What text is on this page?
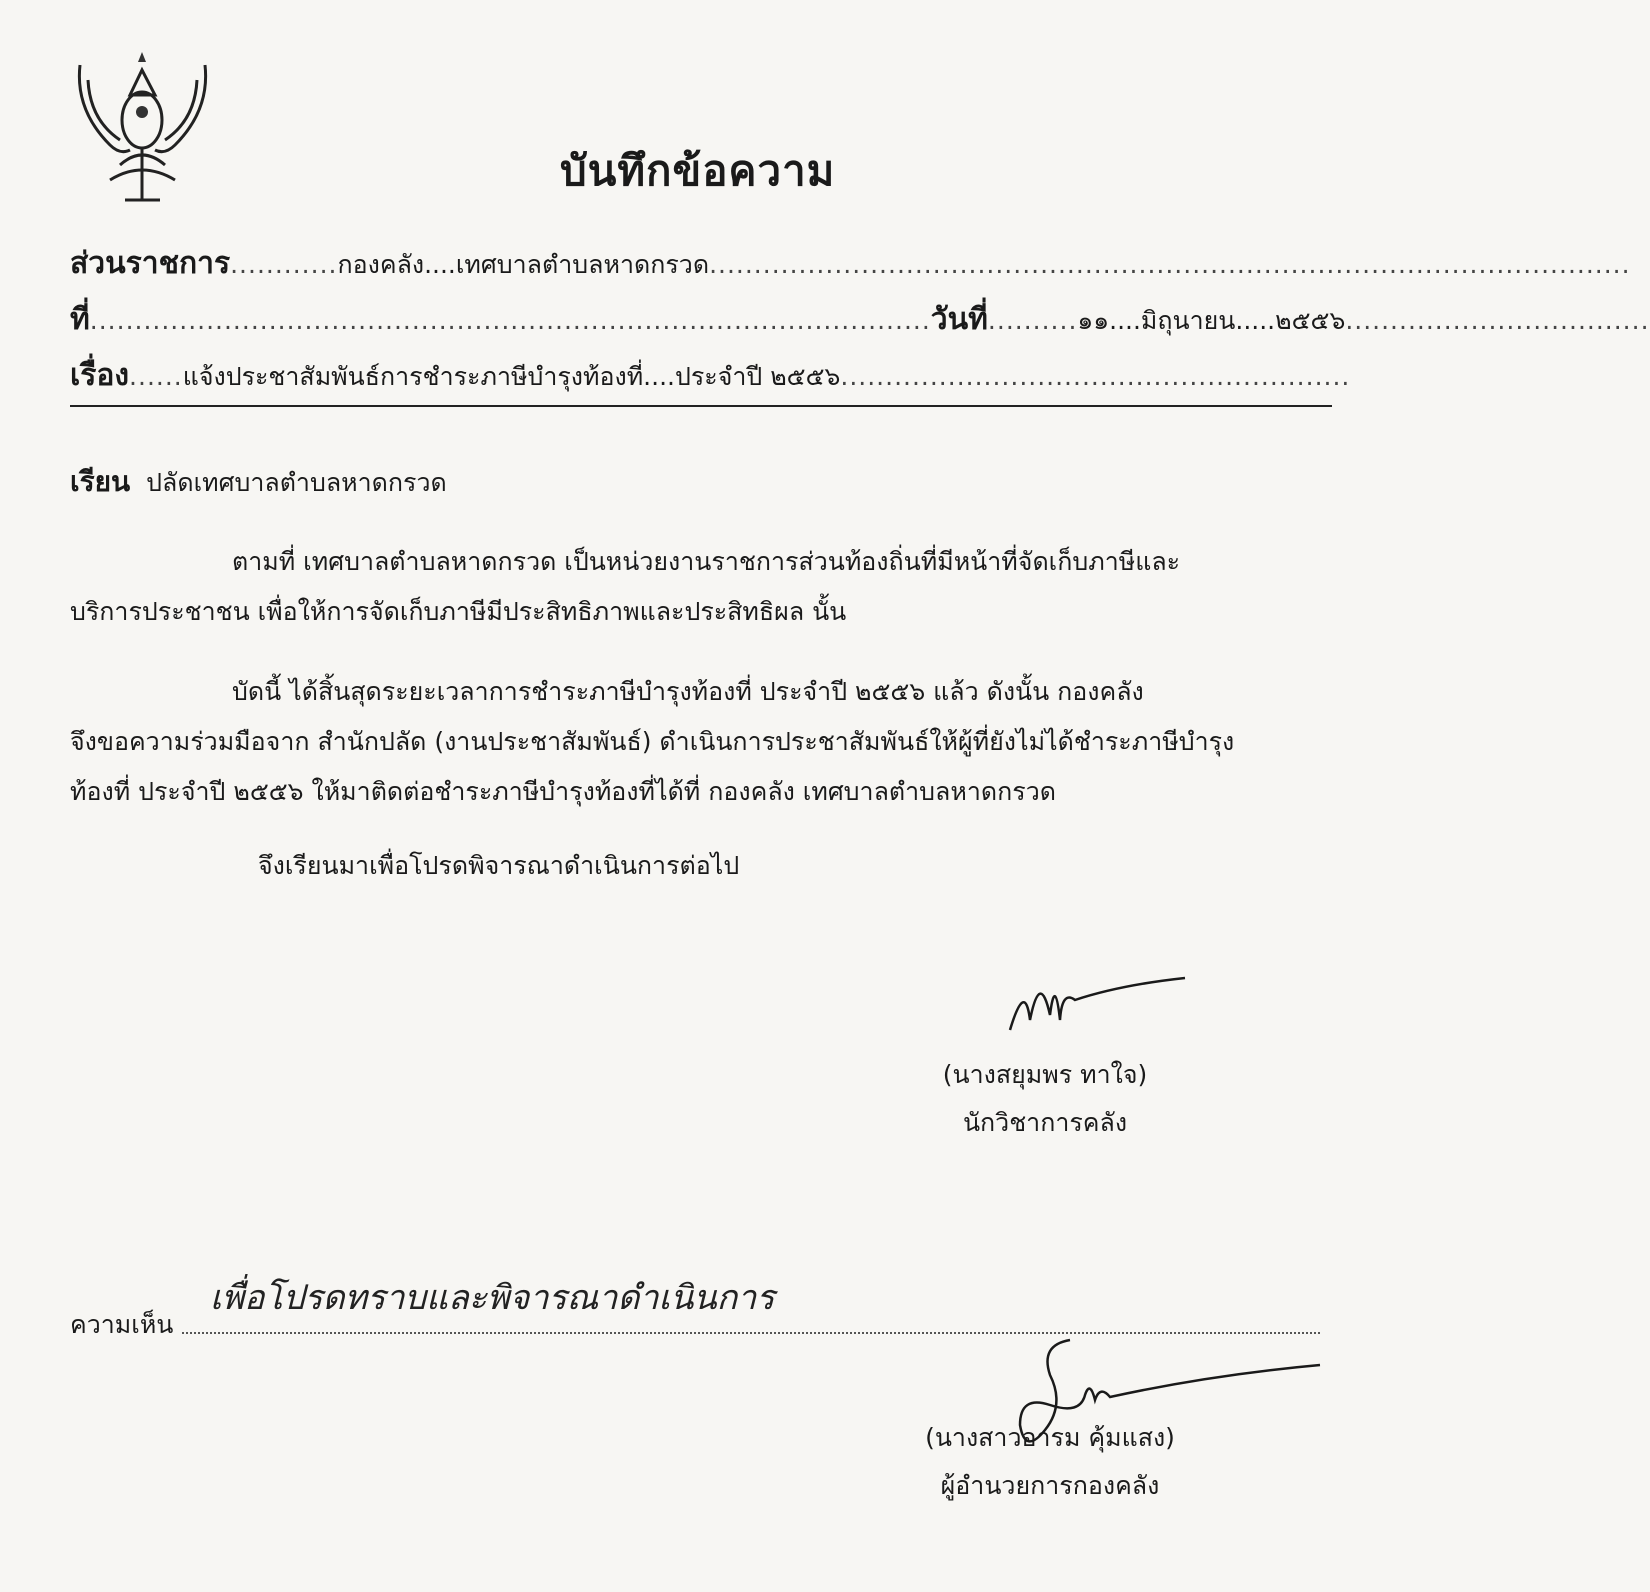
บันทึกข้อความ
ส่วนราชการ............กองคลัง....เทศบาลตำบลหาดกรวด.......................................................................................................
ที่..............................................................................................วันที่..........๑๑....มิถุนายน.....๒๕๕๖..................................
เรื่อง......แจ้งประชาสัมพันธ์การชำระภาษีบำรุงท้องที่....ประจำปี ๒๕๕๖.........................................................
เรียน ปลัดเทศบาลตำบลหาดกรวด
ตามที่ เทศบาลตำบลหาดกรวด เป็นหน่วยงานราชการส่วนท้องถิ่นที่มีหน้าที่จัดเก็บภาษีและ
บริการประชาชน เพื่อให้การจัดเก็บภาษีมีประสิทธิภาพและประสิทธิผล นั้น
บัดนี้ ได้สิ้นสุดระยะเวลาการชำระภาษีบำรุงท้องที่ ประจำปี ๒๕๕๖ แล้ว ดังนั้น กองคลัง
จึงขอความร่วมมือจาก สำนักปลัด (งานประชาสัมพันธ์) ดำเนินการประชาสัมพันธ์ให้ผู้ที่ยังไม่ได้ชำระภาษีบำรุง
ท้องที่ ประจำปี ๒๕๕๖ ให้มาติดต่อชำระภาษีบำรุงท้องที่ได้ที่ กองคลัง เทศบาลตำบลหาดกรวด
จึงเรียนมาเพื่อโปรดพิจารณาดำเนินการต่อไป
(นางสยุมพร ทาใจ)
นักวิชาการคลัง
ความเห็น
เพื่อโปรดทราบและพิจารณาดำเนินการ
(นางสาวอารม คุ้มแสง)
ผู้อำนวยการกองคลัง
